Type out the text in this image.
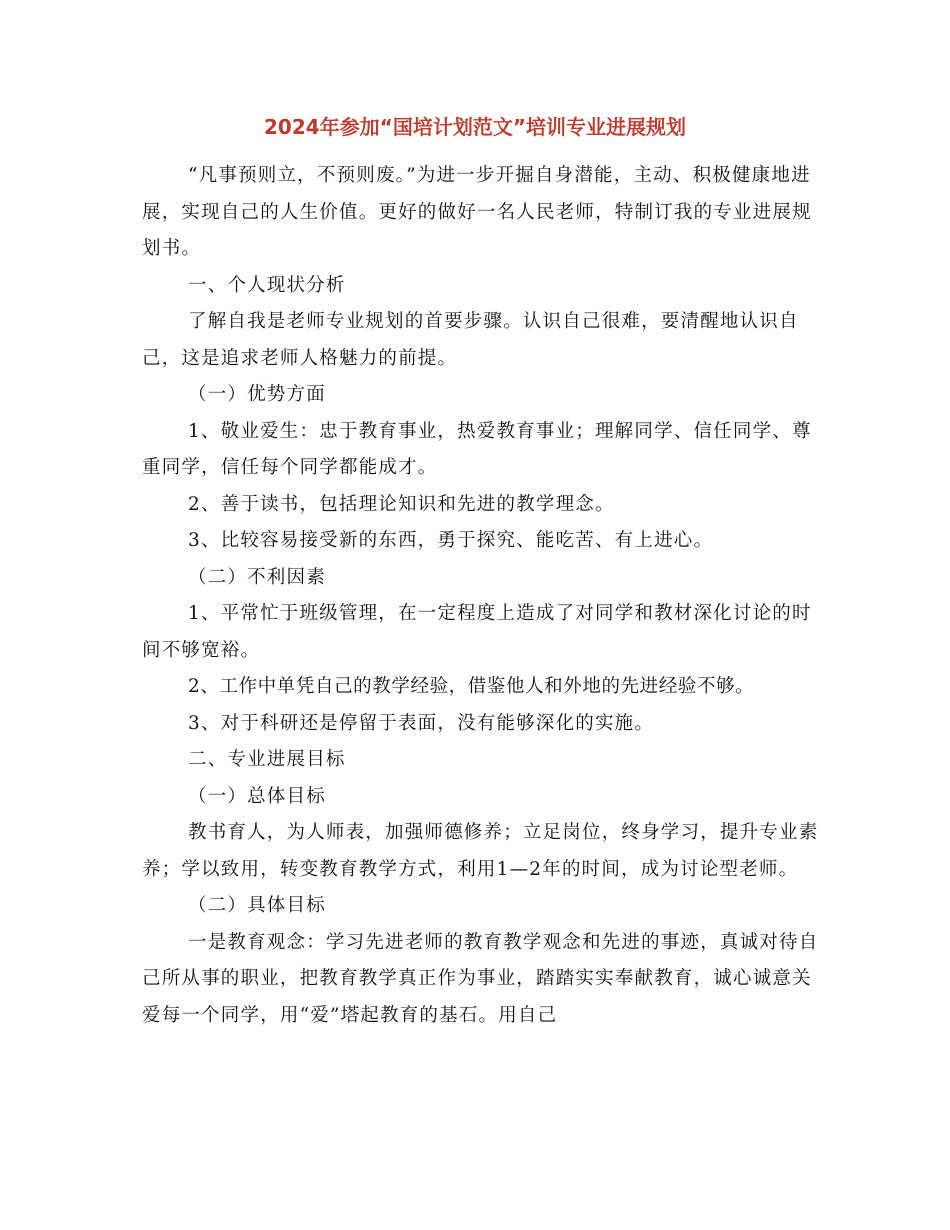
2024年参加“国培计划范文”培训专业进展规划

“凡事预则立，不预则废。”为进一步开掘自身潜能，主动、积极健康地进展，实现自己的人生价值。更好的做好一名人民老师，特制订我的专业进展规划书。

一、个人现状分析

了解自我是老师专业规划的首要步骤。认识自己很难，要清醒地认识自己，这是追求老师人格魅力的前提。

（一）优势方面

1、敬业爱生：忠于教育事业，热爱教育事业；理解同学、信任同学、尊重同学，信任每个同学都能成才。

2、善于读书，包括理论知识和先进的教学理念。

3、比较容易接受新的东西，勇于探究、能吃苦、有上进心。

（二）不利因素

1、平常忙于班级管理，在一定程度上造成了对同学和教材深化讨论的时间不够宽裕。

2、工作中单凭自己的教学经验，借鉴他人和外地的先进经验不够。

3、对于科研还是停留于表面，没有能够深化的实施。

二、专业进展目标

（一）总体目标

教书育人，为人师表，加强师德修养；立足岗位，终身学习，提升专业素养；学以致用，转变教育教学方式，利用1—2年的时间，成为讨论型老师。

（二）具体目标

一是教育观念：学习先进老师的教育教学观念和先进的事迹，真诚对待自己所从事的职业，把教育教学真正作为事业，踏踏实实奉献教育，诚心诚意关爱每一个同学，用“爱”塔起教育的基石。用自己
